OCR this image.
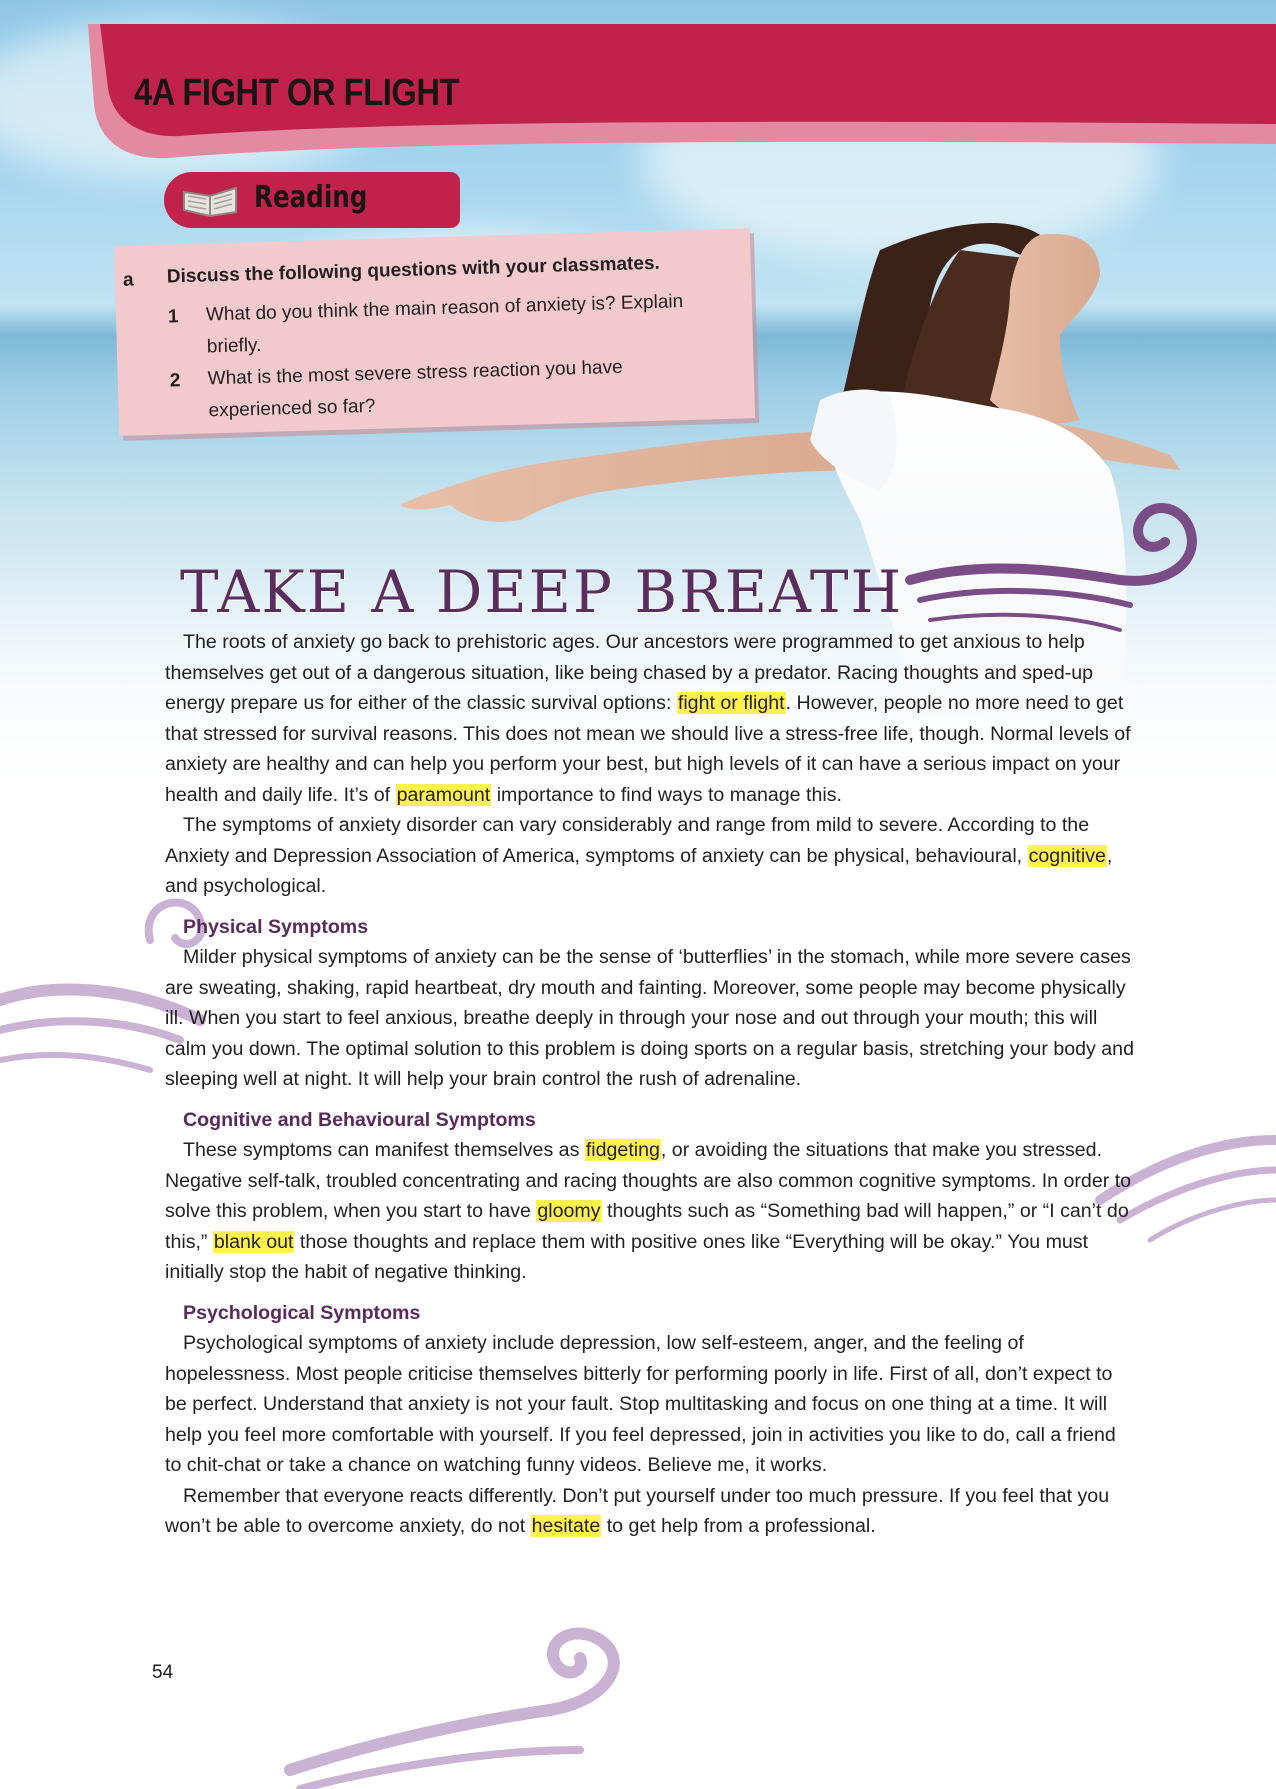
4A FIGHT OR FLIGHT
Reading
a Discuss the following questions with your classmates.
1 What do you think the main reason of anxiety is? Explain briefly.
2 What is the most severe stress reaction you have experienced so far?
TAKE A DEEP BREATH

The roots of anxiety go back to prehistoric ages. Our ancestors were programmed to get anxious to help themselves get out of a dangerous situation, like being chased by a predator. Racing thoughts and sped-up energy prepare us for either of the classic survival options: fight or flight. However, people no more need to get that stressed for survival reasons. This does not mean we should live a stress-free life, though. Normal levels of anxiety are healthy and can help you perform your best, but high levels of it can have a serious impact on your health and daily life. It’s of paramount importance to find ways to manage this.

The symptoms of anxiety disorder can vary considerably and range from mild to severe. According to the Anxiety and Depression Association of America, symptoms of anxiety can be physical, behavioural, cognitive, and psychological.

Physical Symptoms

Milder physical symptoms of anxiety can be the sense of ‘butterflies’ in the stomach, while more severe cases are sweating, shaking, rapid heartbeat, dry mouth and fainting. Moreover, some people may become physically ill. When you start to feel anxious, breathe deeply in through your nose and out through your mouth; this will calm you down. The optimal solution to this problem is doing sports on a regular basis, stretching your body and sleeping well at night. It will help your brain control the rush of adrenaline.

Cognitive and Behavioural Symptoms

These symptoms can manifest themselves as fidgeting, or avoiding the situations that make you stressed. Negative self-talk, troubled concentrating and racing thoughts are also common cognitive symptoms. In order to solve this problem, when you start to have gloomy thoughts such as “Something bad will happen,” or “I can’t do this,” blank out those thoughts and replace them with positive ones like “Everything will be okay.” You must initially stop the habit of negative thinking.

Psychological Symptoms

Psychological symptoms of anxiety include depression, low self-esteem, anger, and the feeling of hopelessness. Most people criticise themselves bitterly for performing poorly in life. First of all, don’t expect to be perfect. Understand that anxiety is not your fault. Stop multitasking and focus on one thing at a time. It will help you feel more comfortable with yourself. If you feel depressed, join in activities you like to do, call a friend to chit-chat or take a chance on watching funny videos. Believe me, it works.

Remember that everyone reacts differently. Don’t put yourself under too much pressure. If you feel that you won’t be able to overcome anxiety, do not hesitate to get help from a professional.

54
